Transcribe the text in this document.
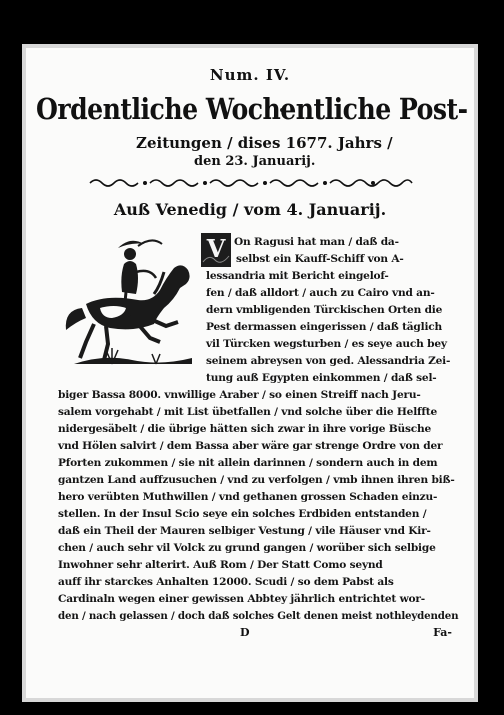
Num. IV.
Ordentliche Wochentliche Post-
Zeitungen / dises 1677. Jahrs /
den 23. Januarij.
Auß Venedig / vom 4. Januarij.
V On Ragusi hat man / daß da-
selbst ein Kauff-Schiff von A-
lessandria mit Bericht eingelof-
fen / daß alldort / auch zu Cairo vnd an-
dern vmbligenden Türckischen Orten die
Pest dermassen eingerissen / daß täglich
vil Türcken wegsturben / es seye auch bey
seinem abreysen von ged. Alessandria Zei-
tung auß Egypten einkommen / daß sel-
biger Bassa 8000. vnwillige Araber / so einen Streiff nach Jeru-
salem vorgehabt / mit List übetfallen / vnd solche über die Helffte
nidergesäbelt / die übrige hätten sich zwar in ihre vorige Büsche
vnd Hölen salvirt / dem Bassa aber wäre gar strenge Ordre von der
Pforten zukommen / sie nit allein darinnen / sondern auch in dem
gantzen Land auffzusuchen / vnd zu verfolgen / vmb ihnen ihren biß-
hero verübten Muthwillen / vnd gethanen grossen Schaden einzu-
stellen. In der Insul Scio seye ein solches Erdbiden entstanden /
daß ein Theil der Mauren selbiger Vestung / vile Häuser vnd Kir-
chen / auch sehr vil Volck zu grund gangen / worüber sich selbige
Inwohner sehr alterirt. Auß Rom / Der Statt Como seynd
auff ihr starckes Anhalten 12000. Scudi / so dem Pabst als
Cardinaln wegen einer gewissen Abbtey jährlich entrichtet wor-
den / nach gelassen / doch daß solches Gelt denen meist nothleydenden
D	Fa-
